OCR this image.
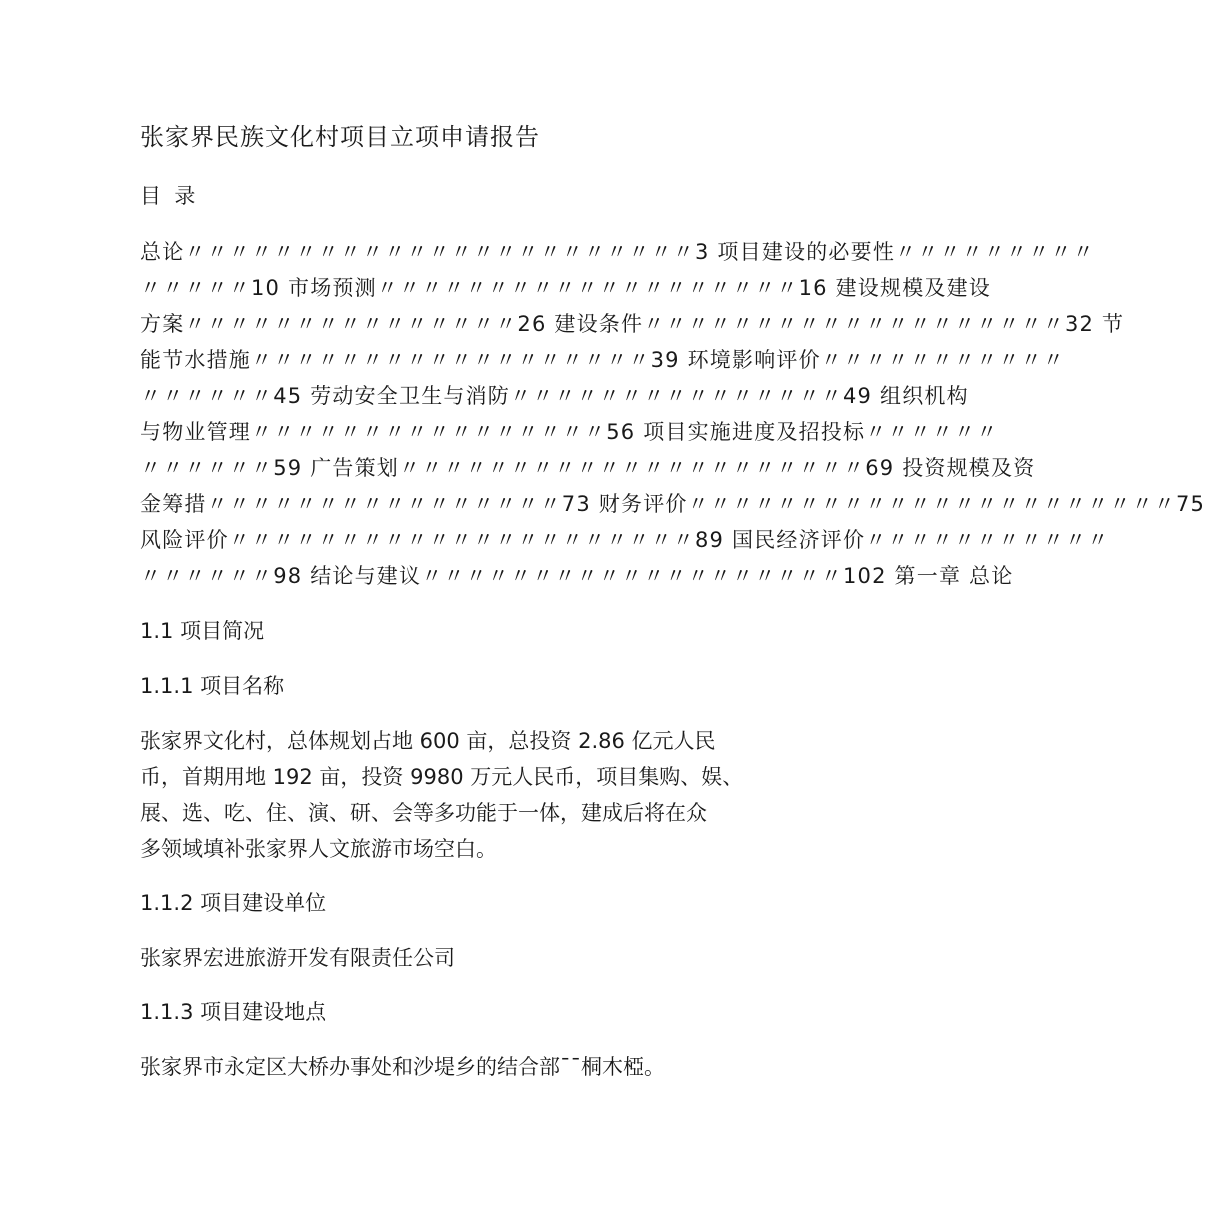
张家界民族文化村项目立项申请报告
目  录
总论〃〃〃〃〃〃〃〃〃〃〃〃〃〃〃〃〃〃〃〃〃〃〃3 项目建设的必要性〃〃〃〃〃〃〃〃〃
〃〃〃〃〃10 市场预测〃〃〃〃〃〃〃〃〃〃〃〃〃〃〃〃〃〃〃16 建设规模及建设
方案〃〃〃〃〃〃〃〃〃〃〃〃〃〃〃26 建设条件〃〃〃〃〃〃〃〃〃〃〃〃〃〃〃〃〃〃〃32 节
能节水措施〃〃〃〃〃〃〃〃〃〃〃〃〃〃〃〃〃〃39 环境影响评价〃〃〃〃〃〃〃〃〃〃〃
〃〃〃〃〃〃45 劳动安全卫生与消防〃〃〃〃〃〃〃〃〃〃〃〃〃〃〃49 组织机构
与物业管理〃〃〃〃〃〃〃〃〃〃〃〃〃〃〃〃56 项目实施进度及招投标〃〃〃〃〃〃
〃〃〃〃〃〃59 广告策划〃〃〃〃〃〃〃〃〃〃〃〃〃〃〃〃〃〃〃〃〃69 投资规模及资
金筹措〃〃〃〃〃〃〃〃〃〃〃〃〃〃〃〃73 财务评价〃〃〃〃〃〃〃〃〃〃〃〃〃〃〃〃〃〃〃〃〃〃75
风险评价〃〃〃〃〃〃〃〃〃〃〃〃〃〃〃〃〃〃〃〃〃89 国民经济评价〃〃〃〃〃〃〃〃〃〃〃
〃〃〃〃〃〃98 结论与建议〃〃〃〃〃〃〃〃〃〃〃〃〃〃〃〃〃〃〃102 第一章 总论
1.1 项目简况
1.1.1 项目名称
张家界文化村，总体规划占地 600 亩，总投资 2.86 亿元人民
币，首期用地 192 亩，投资 9980 万元人民币，项目集购、娱、
展、选、吃、住、演、研、会等多功能于一体，建成后将在众
多领域填补张家界人文旅游市场空白。
1.1.2 项目建设单位
张家界宏进旅游开发有限责任公司
1.1.3 项目建设地点
张家界市永定区大桥办事处和沙堤乡的结合部¯¯桐木椏。
